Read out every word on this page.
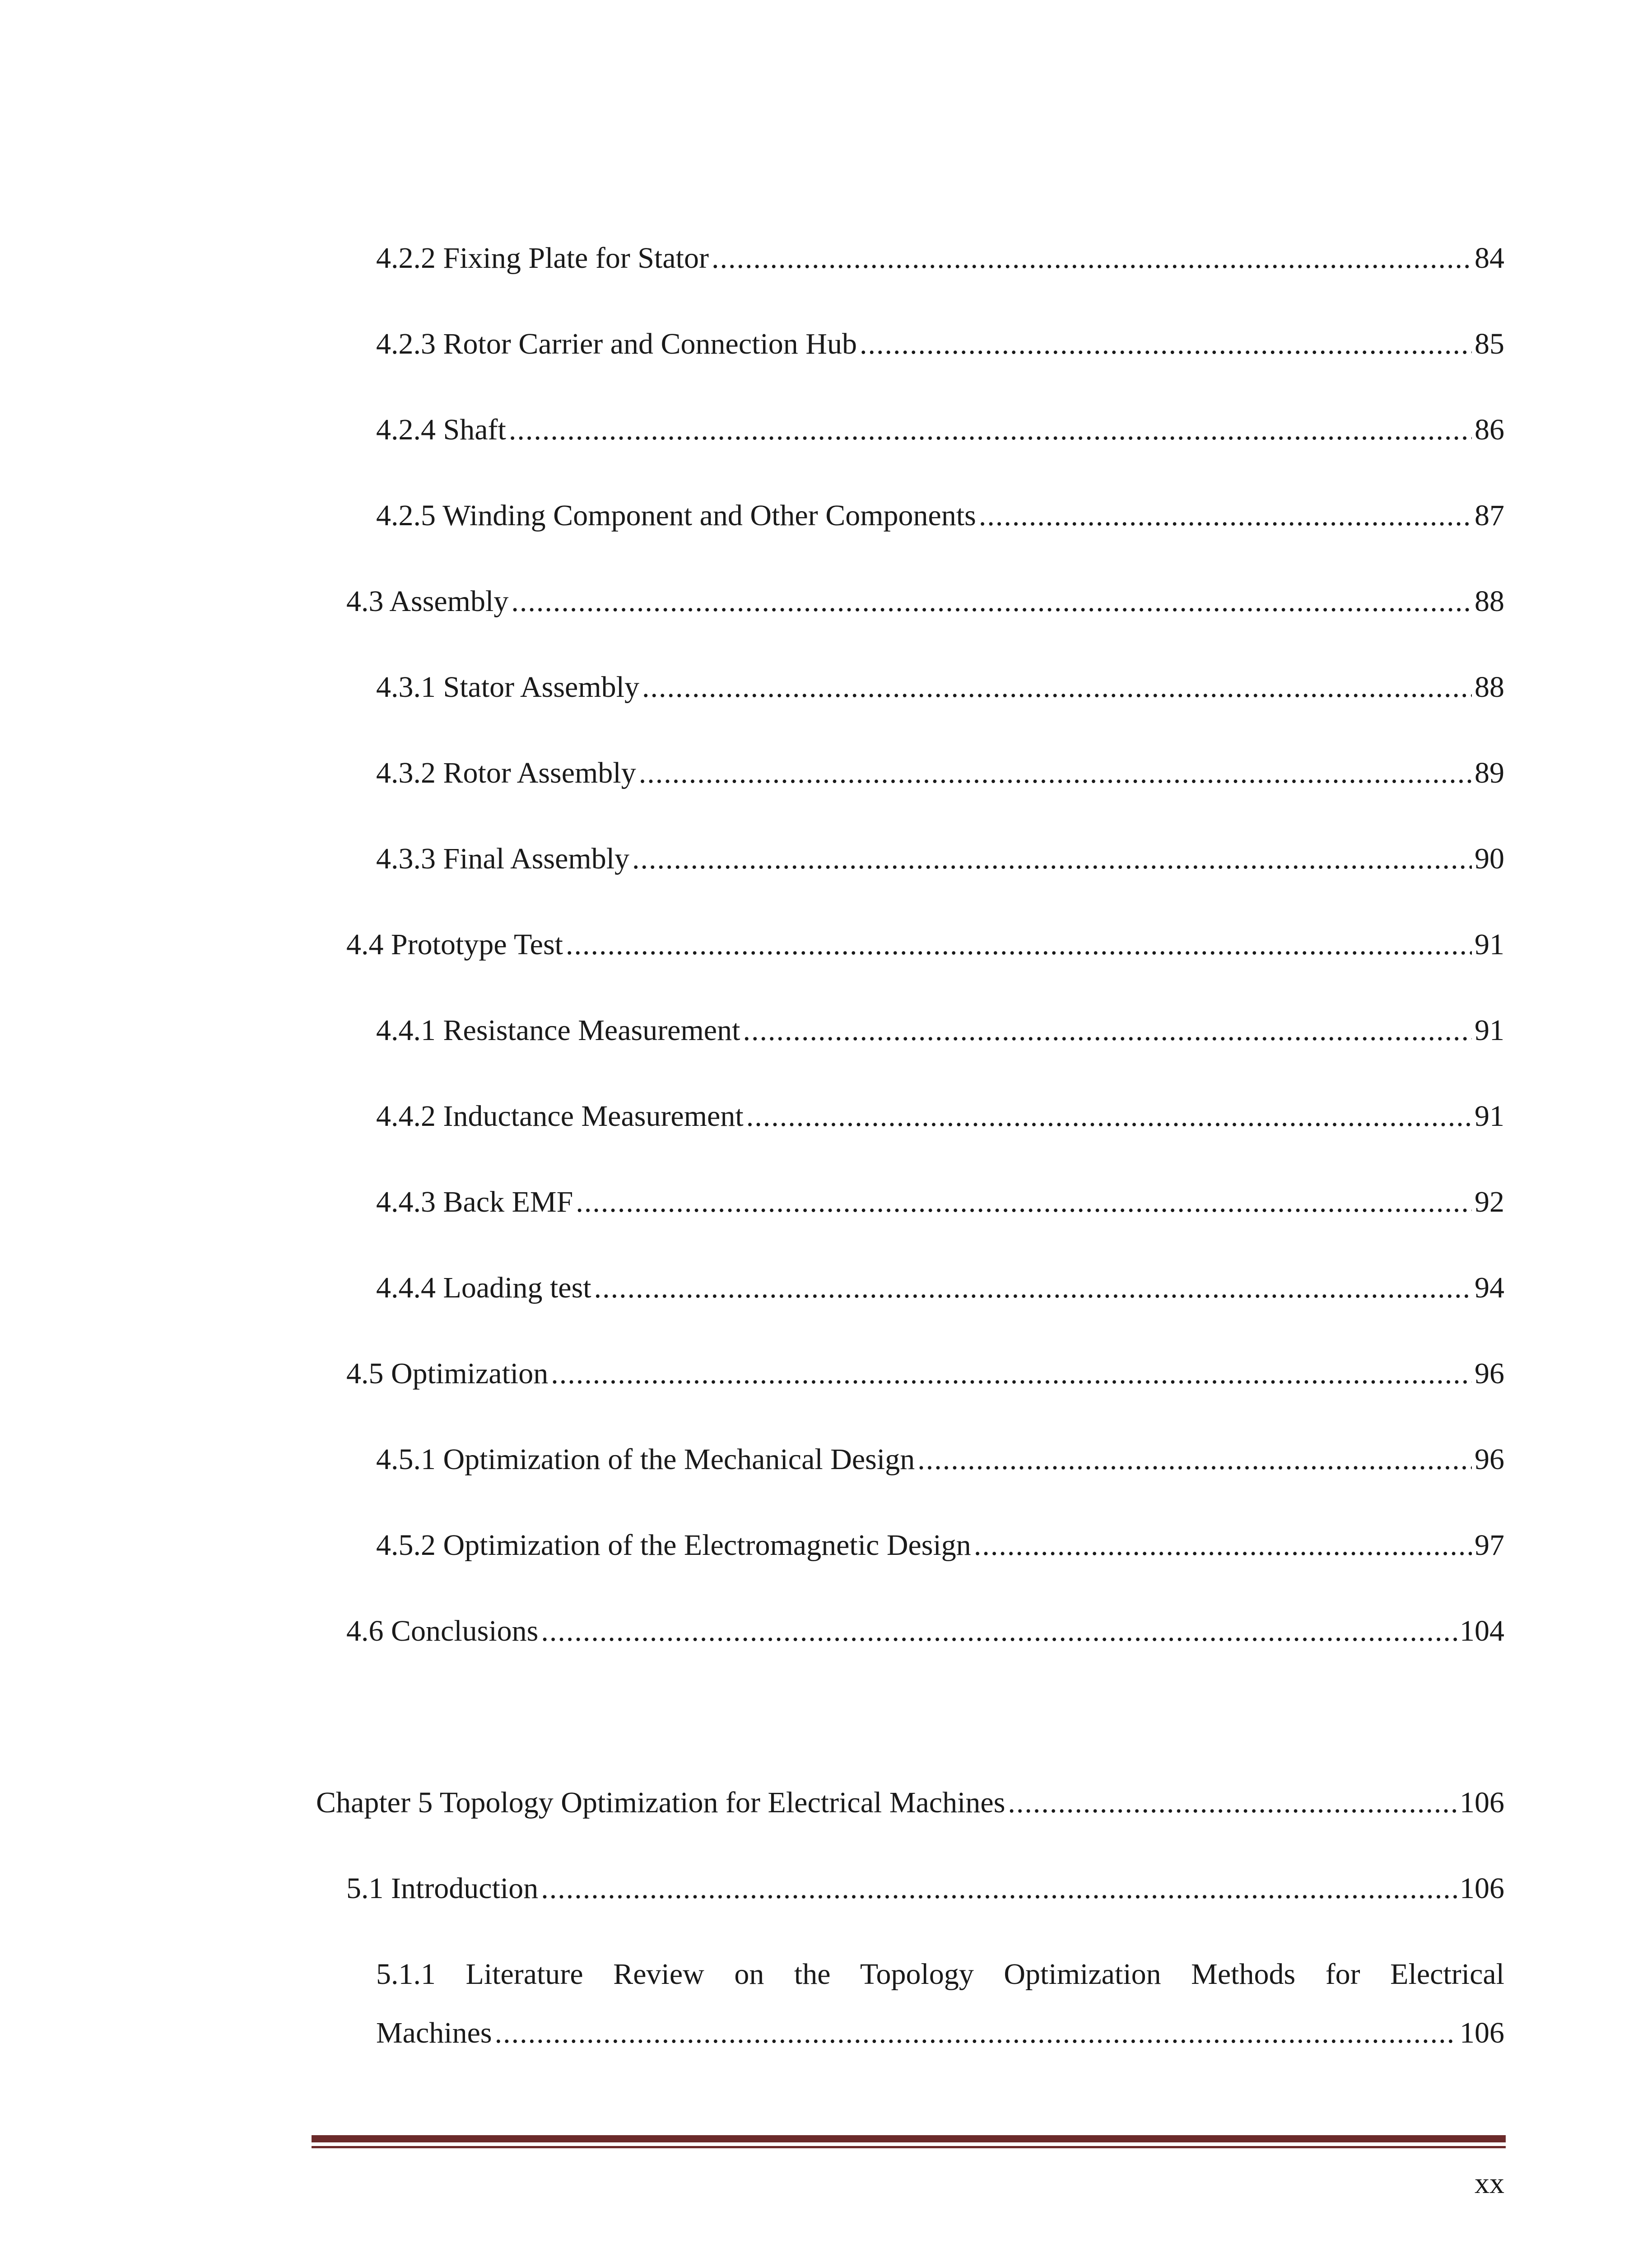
4.2.2 Fixing Plate for Stator .....	84
4.2.3 Rotor Carrier and Connection Hub .....	85
4.2.4 Shaft .....	86
4.2.5 Winding Component and Other Components .....	87
4.3 Assembly .....	88
4.3.1 Stator Assembly .....	88
4.3.2 Rotor Assembly .....	89
4.3.3 Final Assembly .....	90
4.4 Prototype Test .....	91
4.4.1 Resistance Measurement .....	91
4.4.2 Inductance Measurement .....	91
4.4.3 Back EMF .....	92
4.4.4 Loading test .....	94
4.5 Optimization .....	96
4.5.1 Optimization of the Mechanical Design .....	96
4.5.2 Optimization of the Electromagnetic Design .....	97
4.6 Conclusions .....	104
Chapter 5 Topology Optimization for Electrical Machines .....	106
5.1 Introduction .....	106
5.1.1 Literature Review on the Topology Optimization Methods for Electrical
Machines .....	106
xx
